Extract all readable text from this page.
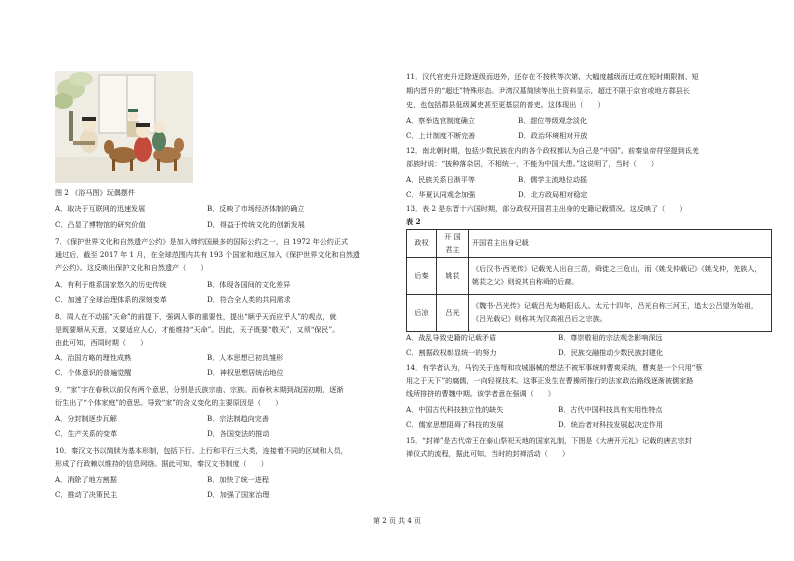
图 2 《浴马图》玩偶摆件
A．取决于互联网的迅速发展	B．反映了市场经济体制的确立
C．凸显了博物馆的研究价值	D．得益于传统文化的创新发展
7．《保护世界文化和自然遗产公约》是加入缔约国最多的国际公约之一，自 1972 年公约正式
通过后，截至 2017 年 1 月，在全球范围内共有 193 个国家和地区加入《保护世界文化和自然遗
产公约》。这反映出保护文化和自然遗产（　　）
A．有利于维系国家悠久的历史传统	B．体现各国间的文化差异
C．加速了全球治理体系的深刻变革	D．符合全人类的共同需求
8．周人在不动摇“天命”的前提下，强调人事的重要性，提出“顺乎天而应乎人”的观点，就
是既要顺从天意，又要适应人心，才能维持“天命”。因此，天子既要“敬天”，又须“保民”。
由此可知，西周时期（　　）
A．治国方略的理性成熟	B．人本思想已初具雏形
C．个体意识的普遍觉醒	D．神权思想居统治地位
9．“家”字在春秋以前仅有两个意思，分别是氏族宗庙、宗族。而春秋末期到战国初期，逐渐
衍生出了“个体家庭”的意思。导致“家”的含义变化的主要原因是（　　）
A．分封制逐步瓦解	B．宗法制趋向完善
C．生产关系的变革	D．各国变法的推动
10．秦汉文书以简牍为基本形制，包括下行、上行和平行三大类，连接着不同的区域和人员，
形成了行政赖以维持的信息网络。据此可知，秦汉文书制度（　　）
A．消除了地方割据	B．加快了统一进程
C．推动了决策民主	D．加强了国家治理
11．汉代官吏升迁除逐级而进外，还存在不按秩等次第、大幅度越级而迁或在短时期限制、短
期内晋升的“超迁”特殊形态。尹湾汉墓简牍等出土资料显示，超迁不限于京官或地方郡县长
史，也包括郡县低级属吏甚至更基层的普吏。这体现出（　　）
A．察举选官制度确立	B．甜位等级观念淡化
C．上计制度不断完善	D．政治环境相对开放
12．南北朝时期，包括少数民族在内的各个政权都认为自己是“中国”。前秦皇帝苻坚提到氐羌
部族时说：“披种落杂居，不相统一，不能为中国大患。”这说明了，当时（　　）
A．民族关系日渐平等	B．儒学主流地位动摇
C．华夏认同观念加强	D．北方政局相对稳定
13．表 2 是东晋十六国时期，部分政权开国君主出身的史籍记载情况。这反映了（　　）
表 2
政权	开 国 君主	开国君主出身记载
后秦	姚苌	《后汉书·西羌传》记载羌人出自三苗，舜徙之三危山，而《姚戈仲载记》《姚戈仲，羌族人，姚苌之父》则说其自称舜的后裔。
后凉	吕光	《魏书·吕光传》记载吕光为略阳氐人。太元十四年，吕光自称三河王，追太公吕望为始祖，《吕光载记》则称其为汉高祖吕后之宗族。
A．战乱导致史籍的记载矛盾	B．尊崇敬祖的宗法观念影响深远
C．割据政权彰显统一的努力	D．民族交融推动少数民族封建化
14．有学者认为，马钧关于连弩和攻城器械的想法不被军事统帅曹爽采纳，曹爽是一个只用“蔡
用之于天下”的腐儒，一向轻视技术。这事正发生在曹操所推行的法家政治路线逐渐被儒家路
线所排挤的曹魏中期。该学者意在强调（　　）
A．中国古代科技独立性的缺失	B．古代中国科技具有实用性特点
C．儒家思想阻碍了科技的发展	D．统治者对科技发展起决定作用
15．“封禅”是古代帝王在泰山祭祀天地的国家礼制，下图是《大唐开元礼》记载的唐玄宗封
禅仪式的流程，据此可知，当时的封禅活动（　　）
第 2 页 共 4 页
